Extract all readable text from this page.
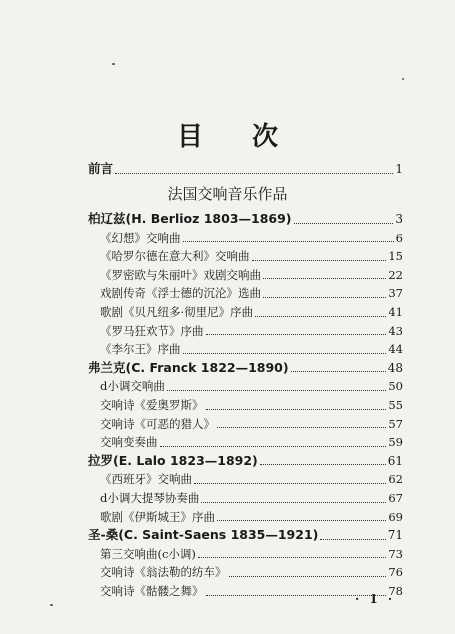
目 次
前言	1
法国交响音乐作品
柏辽兹(H. Berlioz 1803—1869)	3
《幻想》交响曲	6
《哈罗尔德在意大利》交响曲	15
《罗密欧与朱丽叶》戏剧交响曲	22
戏剧传奇《浮士德的沉沦》选曲	37
歌剧《贝凡纽多·彻里尼》序曲	41
《罗马狂欢节》序曲	43
《李尔王》序曲	44
弗兰克(C. Franck 1822—1890)	48
d小调交响曲	50
交响诗《爱奥罗斯》	55
交响诗《可恶的猎人》	57
交响变奏曲	59
拉罗(E. Lalo 1823—1892)	61
《西班牙》交响曲	62
d小调大提琴协奏曲	67
歌剧《伊斯城王》序曲	69
圣-桑(C. Saint-Saens 1835—1921)	71
第三交响曲(c小调)	73
交响诗《翁法勒的纺车》	76
交响诗《骷髅之舞》	78
· 1 ·
